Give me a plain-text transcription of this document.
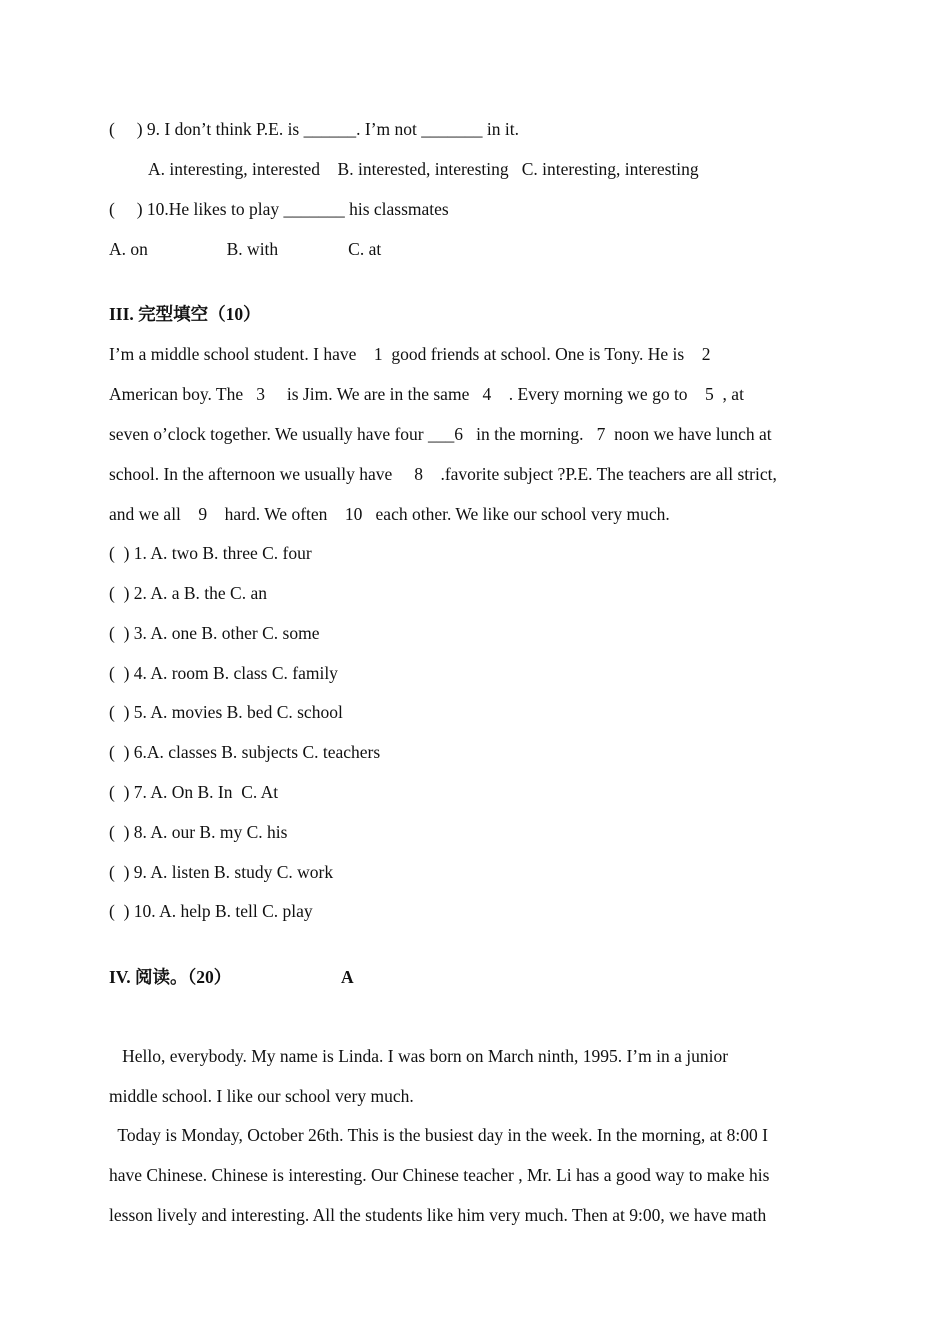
(     ) 9. I don’t think P.E. is ______. I’m not _______ in it.
A. interesting, interested    B. interested, interesting   C. interesting, interesting
(     ) 10.He likes to play _______ his classmates
A. on                  B. with                C. at
III. 完型填空（10）
I’m a middle school student. I have    1  good friends at school. One is Tony. He is    2
American boy. The   3     is Jim. We are in the same   4    . Every morning we go to    5  , at
seven o’clock together. We usually have four ___6   in the morning.   7  noon we have lunch at
school. In the afternoon we usually have     8    .favorite subject ?P.E. The teachers are all strict,
and we all    9    hard. We often    10   each other. We like our school very much.
(  ) 1. A. two B. three C. four
(  ) 2. A. a B. the C. an
(  ) 3. A. one B. other C. some
(  ) 4. A. room B. class C. family
(  ) 5. A. movies B. bed C. school
(  ) 6.A. classes B. subjects C. teachers
(  ) 7. A. On B. In  C. At
(  ) 8. A. our B. my C. his
(  ) 9. A. listen B. study C. work
(  ) 10. A. help B. tell C. play
IV. 阅读。（20）	A
Hello, everybody. My name is Linda. I was born on March ninth, 1995. I’m in a junior
middle school. I like our school very much.
Today is Monday, October 26th. This is the busiest day in the week. In the morning, at 8:00 I
have Chinese. Chinese is interesting. Our Chinese teacher , Mr. Li has a good way to make his
lesson lively and interesting. All the students like him very much. Then at 9:00, we have math
